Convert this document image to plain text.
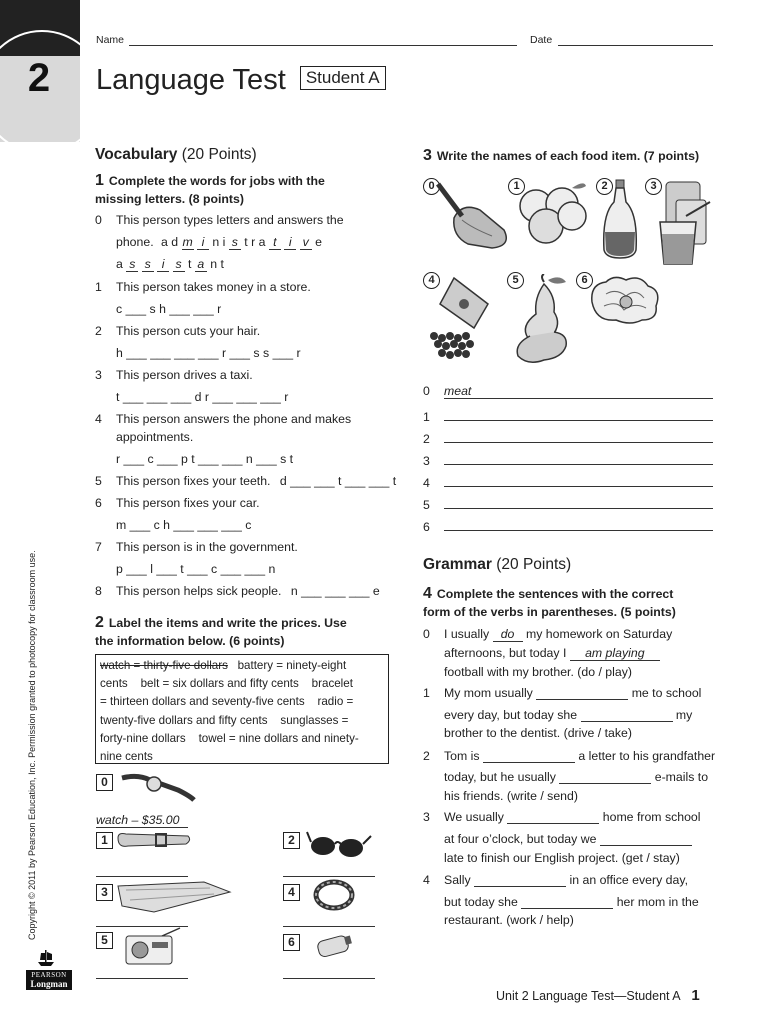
2
Name	Date
Language Test Student A
Copyright © 2011 by Pearson Education, Inc. Permission granted to photocopy for classroom use.
PEARSON
Longman
Unit 2 Language Test—Student A 1
Vocabulary (20 Points)
1 Complete the words for jobs with the
missing letters. (8 points)
0 This person types letters and answers the
phone. a d m i n i s t r a t i v e
a s s i s t a n t
1 This person takes money in a store.
c ___ s h ___ ___ r
2 This person cuts your hair.
h ___ ___ ___ ___ r ___ s s ___ r
3 This person drives a taxi.
t ___ ___ ___ d r ___ ___ ___ r
4 This person answers the phone and makes
appointments.
r ___ c ___ p t ___ ___ n ___ s t
5 This person fixes your teeth. d ___ ___ t ___ ___ t
6 This person fixes your car.
m ___ c h ___ ___ ___ c
7 This person is in the government.
p ___ l ___ t ___ c ___ ___ n
8 This person helps sick people. n ___ ___ ___ e
2 Label the items and write the prices. Use
the information below. (6 points)
watch = thirty-five dollars battery = ninety-eight
cents    belt = six dollars and fifty cents    bracelet
= thirteen dollars and seventy-five cents    radio =
twenty-five dollars and fifty cents    sunglasses =
forty-nine dollars    towel = nine dollars and ninety-
nine cents
0
watch – $35.00
1	2
3	4
5	6
3 Write the names of each food item. (7 points)
0	1	2	3
4	5	6
0 meat
1
2
3
4
5
6
Grammar (20 Points)
4 Complete the sentences with the correct
form of the verbs in parentheses. (5 points)
0 I usually do my homework on Saturday
afternoons, but today I am playing
football with my brother. (do / play)
1 My mom usually	me to school
every day, but today she	my
brother to the dentist. (drive / take)
2 Tom is	a letter to his grandfather
today, but he usually	e-mails to
his friends. (write / send)
3 We usually	home from school
at four o’clock, but today we
late to finish our English project. (get / stay)
4 Sally	in an office every day,
but today she	her mom in the
restaurant. (work / help)
